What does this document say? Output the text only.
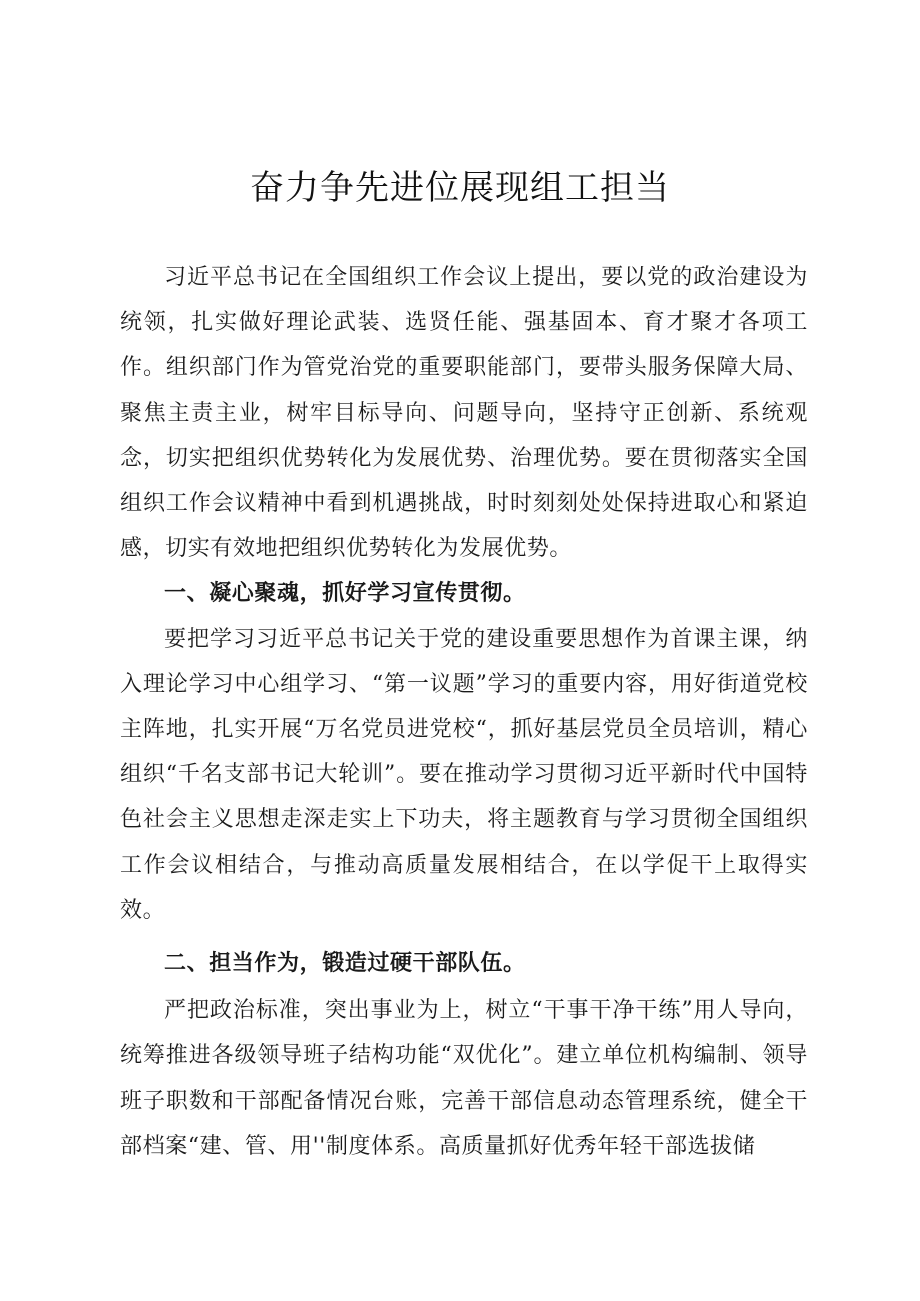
奋力争先进位展现组工担当

习近平总书记在全国组织工作会议上提出，要以党的政治建设为统领，扎实做好理论武装、选贤任能、强基固本、育才聚才各项工作。组织部门作为管党治党的重要职能部门，要带头服务保障大局、聚焦主责主业，树牢目标导向、问题导向，坚持守正创新、系统观念，切实把组织优势转化为发展优势、治理优势。要在贯彻落实全国组织工作会议精神中看到机遇挑战，时时刻刻处处保持进取心和紧迫感，切实有效地把组织优势转化为发展优势。

一、凝心聚魂，抓好学习宣传贯彻。

要把学习习近平总书记关于党的建设重要思想作为首课主课，纳入理论学习中心组学习、“第一议题”学习的重要内容，用好街道党校主阵地，扎实开展“万名党员进党校“，抓好基层党员全员培训，精心组织“千名支部书记大轮训”。要在推动学习贯彻习近平新时代中国特色社会主义思想走深走实上下功夫，将主题教育与学习贯彻全国组织工作会议相结合，与推动高质量发展相结合，在以学促干上取得实效。

二、担当作为，锻造过硬干部队伍。

严把政治标准，突出事业为上，树立“干事干净干练”用人导向，统筹推进各级领导班子结构功能“双优化”。建立单位机构编制、领导班子职数和干部配备情况台账，完善干部信息动态管理系统，健全干部档案“建、管、用''制度体系。高质量抓好优秀年轻干部选拔储
